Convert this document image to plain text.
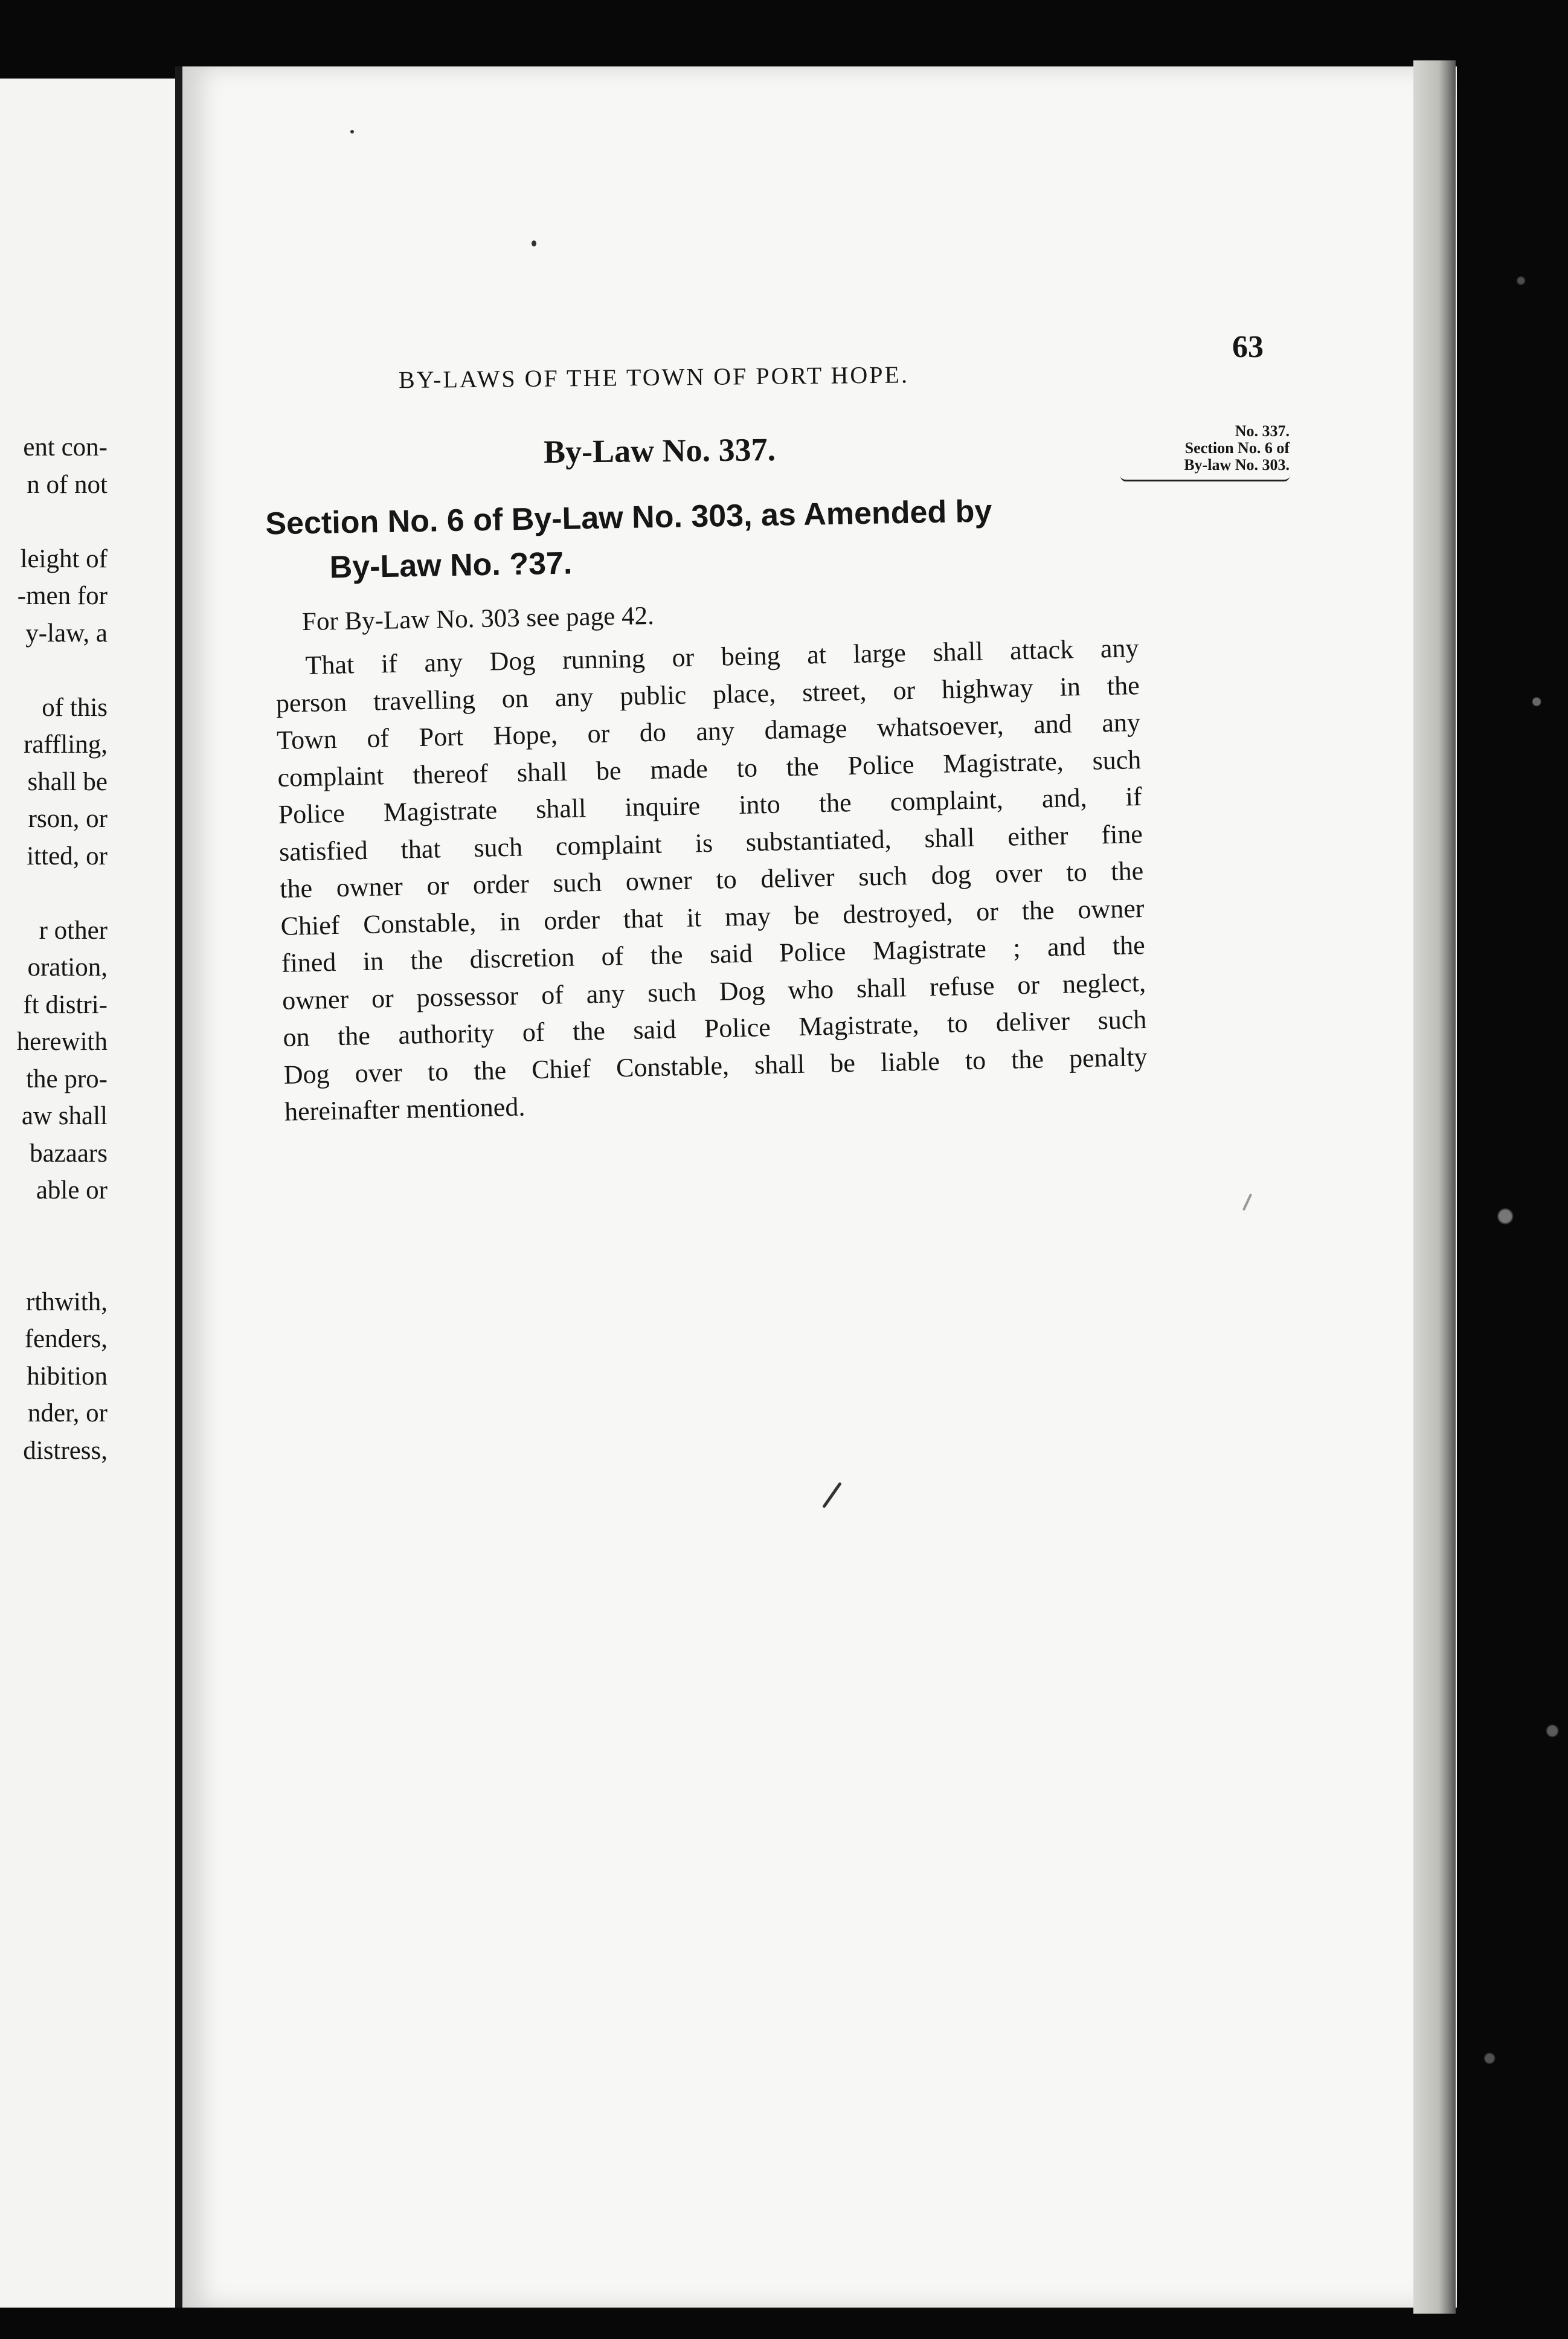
ent con-
n of not
leight of
-men for
y-law, a
of this
raffling,
shall be
rson, or
itted, or
r other
oration,
ft distri-
herewith
the pro-
aw shall
bazaars
able or
rthwith,
fenders,
hibition
nder, or
distress,
BY-LAWS OF THE TOWN OF PORT HOPE.
63
By-Law No. 337.
No. 337.
Section No. 6 of
By-law No. 303.
Section No. 6 of By-Law No. 303, as Amended by
By-Law No. ?37.
For By-Law No. 303 see page 42.
That if any Dog running or being at large shall attack any
person travelling on any public place, street, or highway in the
Town of Port Hope, or do any damage whatsoever, and any
complaint thereof shall be made to the Police Magistrate, such
Police Magistrate shall inquire into the complaint, and, if
satisfied that such complaint is substantiated, shall either fine
the owner or order such owner to deliver such dog over to the
Chief Constable, in order that it may be destroyed, or the owner
fined in the discretion of the said Police Magistrate ; and the
owner or possessor of any such Dog who shall refuse or neglect,
on the authority of the said Police Magistrate, to deliver such
Dog over to the Chief Constable, shall be liable to the penalty
hereinafter mentioned.
